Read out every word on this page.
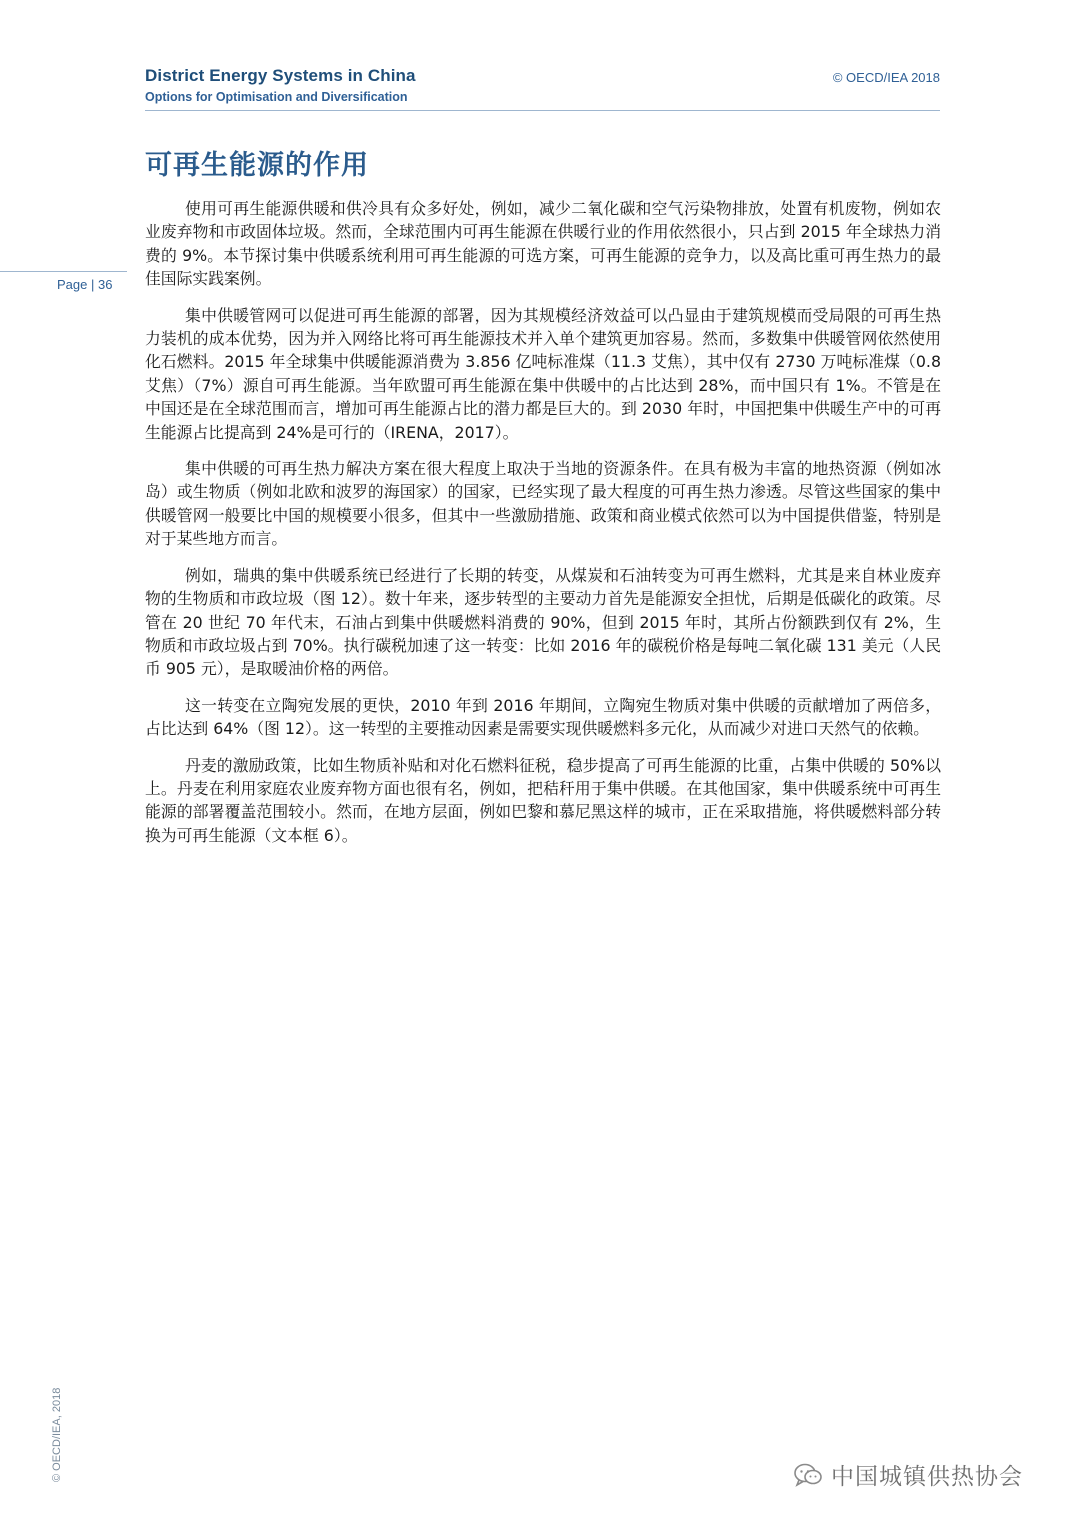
District Energy Systems in China
Options for Optimisation and Diversification
© OECD/IEA 2018
可再生能源的作用
Page | 36

使用可再生能源供暖和供冷具有众多好处，例如，减少二氧化碳和空气污染物排放，处置有机废物，例如农业废弃物和市政固体垃圾。然而，全球范围内可再生能源在供暖行业的作用依然很小，只占到 2015 年全球热力消费的 9%。本节探讨集中供暖系统利用可再生能源的可选方案，可再生能源的竞争力，以及高比重可再生热力的最佳国际实践案例。

集中供暖管网可以促进可再生能源的部署，因为其规模经济效益可以凸显由于建筑规模而受局限的可再生热力装机的成本优势，因为并入网络比将可再生能源技术并入单个建筑更加容易。然而，多数集中供暖管网依然使用化石燃料。2015 年全球集中供暖能源消费为 3.856 亿吨标准煤（11.3 艾焦），其中仅有 2730 万吨标准煤（0.8 艾焦）（7%）源自可再生能源。当年欧盟可再生能源在集中供暖中的占比达到 28%，而中国只有 1%。不管是在中国还是在全球范围而言，增加可再生能源占比的潜力都是巨大的。到 2030 年时，中国把集中供暖生产中的可再生能源占比提高到 24%是可行的（IRENA，2017）。

集中供暖的可再生热力解决方案在很大程度上取决于当地的资源条件。在具有极为丰富的地热资源（例如冰岛）或生物质（例如北欧和波罗的海国家）的国家，已经实现了最大程度的可再生热力渗透。尽管这些国家的集中供暖管网一般要比中国的规模要小很多，但其中一些激励措施、政策和商业模式依然可以为中国提供借鉴，特别是对于某些地方而言。

例如，瑞典的集中供暖系统已经进行了长期的转变，从煤炭和石油转变为可再生燃料，尤其是来自林业废弃物的生物质和市政垃圾（图 12）。数十年来，逐步转型的主要动力首先是能源安全担忧，后期是低碳化的政策。尽管在 20 世纪 70 年代末，石油占到集中供暖燃料消费的 90%，但到 2015 年时，其所占份额跌到仅有 2%，生物质和市政垃圾占到 70%。执行碳税加速了这一转变：比如 2016 年的碳税价格是每吨二氧化碳 131 美元（人民币 905 元），是取暖油价格的两倍。

这一转变在立陶宛发展的更快，2010 年到 2016 年期间，立陶宛生物质对集中供暖的贡献增加了两倍多，占比达到 64%（图 12）。这一转型的主要推动因素是需要实现供暖燃料多元化，从而减少对进口天然气的依赖。

丹麦的激励政策，比如生物质补贴和对化石燃料征税，稳步提高了可再生能源的比重，占集中供暖的 50%以上。丹麦在利用家庭农业废弃物方面也很有名，例如，把秸秆用于集中供暖。在其他国家，集中供暖系统中可再生能源的部署覆盖范围较小。然而，在地方层面，例如巴黎和慕尼黑这样的城市，正在采取措施，将供暖燃料部分转换为可再生能源（文本框 6）。

© OECD/IEA, 2018	中国城镇供热协会
